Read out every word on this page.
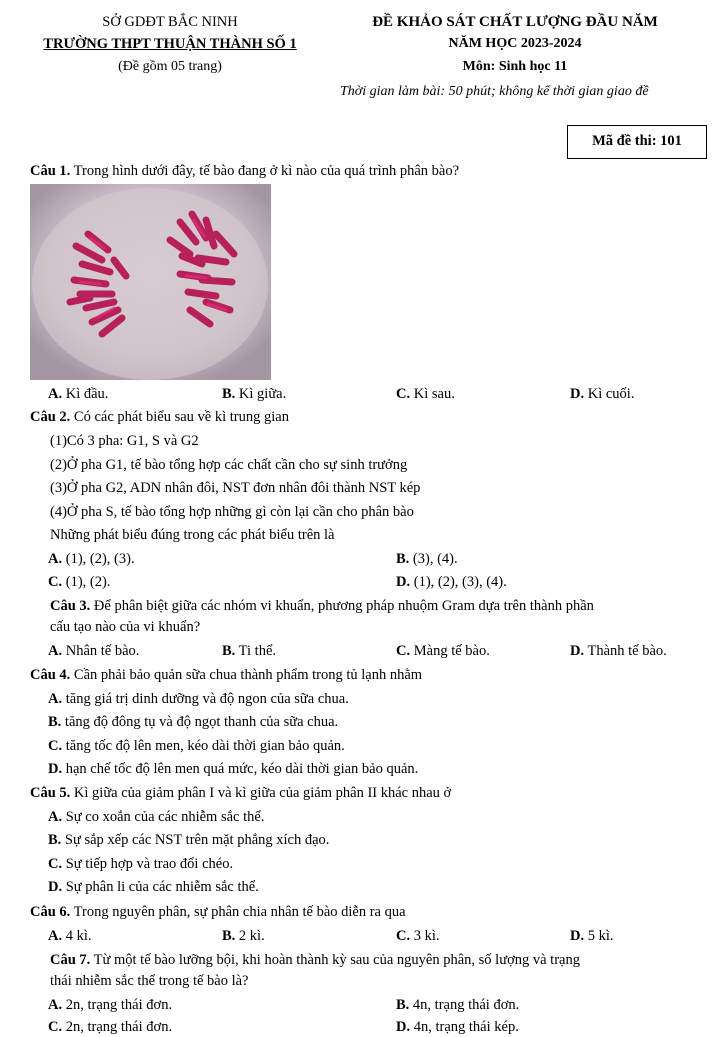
SỞ GDĐT BẮC NINH
TRƯỜNG THPT THUẬN THÀNH SỐ 1
(Đề gồm 05 trang)
ĐỀ KHẢO SÁT CHẤT LƯỢNG ĐẦU NĂM
NĂM HỌC 2023-2024
Môn: Sinh học 11
Thời gian làm bài: 50 phút; không kể thời gian giao đề
Mã đề thi: 101
Câu 1. Trong hình dưới đây, tế bào đang ở kì nào của quá trình phân bào?
A. Kì đầu.	B. Kì giữa.	C. Kì sau.	D. Kì cuối.
Câu 2. Có các phát biểu sau về kì trung gian
(1)Có 3 pha: G1, S và G2
(2)Ở pha G1, tế bào tổng hợp các chất cần cho sự sinh trưởng
(3)Ở pha G2, ADN nhân đôi, NST đơn nhân đôi thành NST kép
(4)Ở pha S, tế bào tổng hợp những gì còn lại cần cho phân bào
Những phát biểu đúng trong các phát biểu trên là
A. (1), (2), (3).	B. (3), (4).
C. (1), (2).	D. (1), (2), (3), (4).
Câu 3. Để phân biệt giữa các nhóm vi khuẩn, phương pháp nhuộm Gram dựa trên thành phần
cấu tạo nào của vi khuẩn?
A. Nhân tế bào.	B. Ti thể.	C. Màng tế bào.	D. Thành tế bào.
Câu 4. Cần phải bảo quản sữa chua thành phẩm trong tủ lạnh nhằm
A. tăng giá trị dinh dưỡng và độ ngon của sữa chua.
B. tăng độ đông tụ và độ ngọt thanh của sữa chua.
C. tăng tốc độ lên men, kéo dài thời gian bảo quản.
D. hạn chế tốc độ lên men quá mức, kéo dài thời gian bảo quản.
Câu 5. Kì giữa của giảm phân I và kì giữa của giảm phân II khác nhau ở
A. Sự co xoắn của các nhiễm sắc thể.
B. Sự sắp xếp các NST trên mặt phẳng xích đạo.
C. Sự tiếp hợp và trao đổi chéo.
D. Sự phân li của các nhiễm sắc thể.
Câu 6. Trong nguyên phân, sự phân chia nhân tế bào diễn ra qua
A. 4 kì.	B. 2 kì.	C. 3 kì.	D. 5 kì.
Câu 7. Từ một tế bào lưỡng bội, khi hoàn thành kỳ sau của nguyên phân, số lượng và trạng
thái nhiễm sắc thể trong tế bào là?
A. 2n, trạng thái đơn.	B. 4n, trạng thái đơn.
C. 2n, trạng thái đơn.	D. 4n, trạng thái kép.
